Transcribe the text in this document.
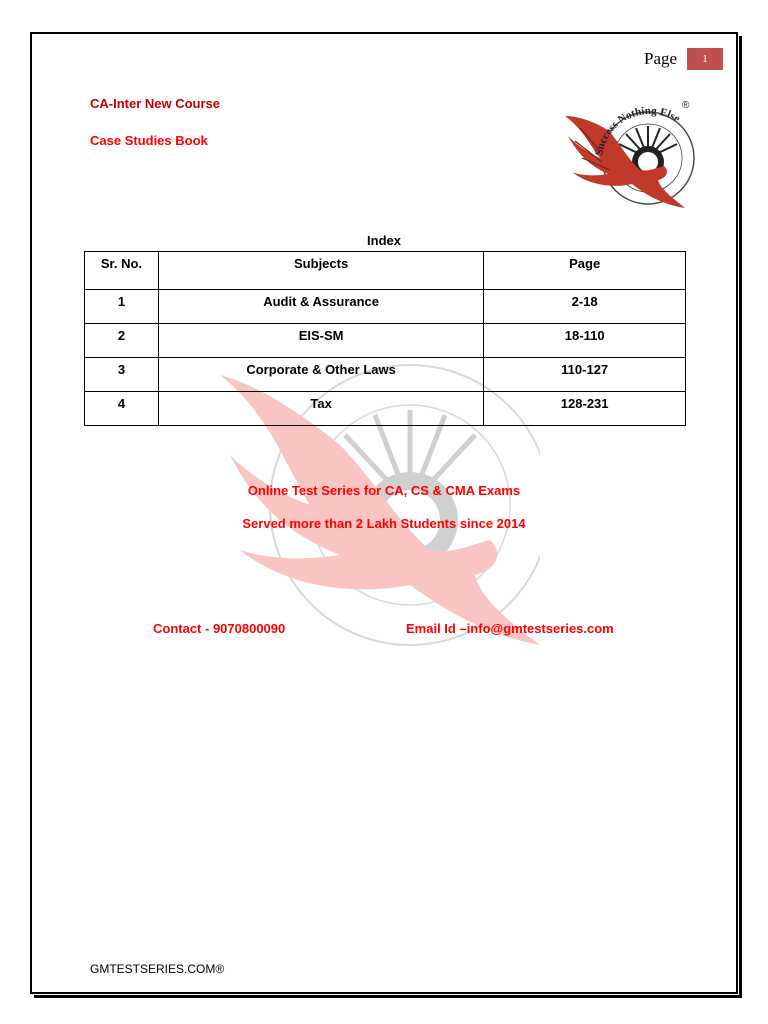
Page	1
CA-Inter New Course
Case Studies Book
Success Nothing Else
®
Index
Sr. No.	Subjects	Page
1	Audit & Assurance	2-18
2	EIS-SM	18-110
3	Corporate & Other Laws	110-127
4	Tax	128-231
Online Test Series for CA, CS & CMA Exams
Served more than 2 Lakh Students since 2014
Contact - 9070800090	Email Id –info@gmtestseries.com
GMTESTSERIES.COM®
